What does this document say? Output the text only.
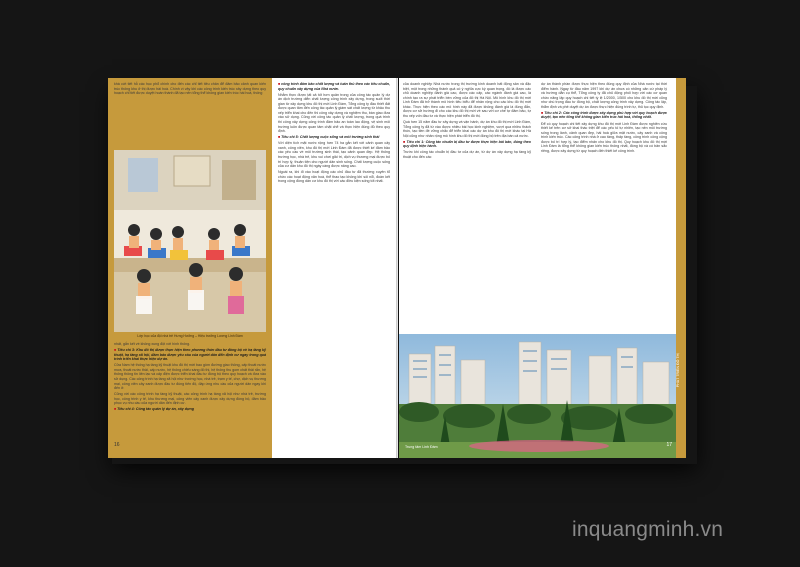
khá cứt tiết hỗ các hục phổ chính cho đến các chỉ tiết tiêu chân để đảm bảo cảnh quan kiến trúc thống khu ở thị được hài hoà. Chính vì vậy khi các công trình kiến trúc xây dựng theo quy hoạch chỉ tiết được duyệt hoàn thành đã tạo nên tổng thể không gian kiến trúc hài hoà, thống

Lớp học của đội nhà trẻ Hưng Hưởng – Hiệu trưởng Lương Linh Đàm

nhất, gắn kết về không xung đột với hình thống.

■ Tiêu chí 3: Khu đô thị được thực hiện theo phương thức đầu tư đồng bộ về hạ tầng kỹ thuật, hạ tầng xã hội, đảm bảo được yêu cầu của người dân đến định cư ngay trong quá trình triển khai thực hiện dự án.

Cửa Nam hệ thống hạ tầng kỹ thuật khu đô thị mới bao gồm đường giao thông, cấp thoát nước mưa, thoát nước thải, cấp nước, hệ thống chiếu sáng đô thị, hệ thống thu gom chất thải rắn, hệ thống thông tin liên lạc và cấp điện được triển khai đầu tư đồng bộ theo quy hoạch và đưa vào sử dụng. Các công trình hạ tầng xã hội như trường học, nhà trẻ, trạm y tế, chợ, dịch vụ thương mại, công viên cây xanh được đầu tư đúng tiến độ, đáp ứng nhu cầu của người dân ngay khi đến ở.

Cũng với các công trình hạ tầng kỹ thuật, các công trình hạ tầng xã hội như nhà trẻ, trường học, công trình y tế, khu thương mại, công viên cây xanh được xây dựng đồng bộ, đảm bảo phục vụ nhu cầu của người dân đến định cư.

■ Tiêu chí 4: Công tác quản lý dự án, xây dựng

■ công trình đảm bảo chất lượng và tuân thủ theo các tiêu chuẩn, quy chuẩn xây dựng của Nhà nước.

Nhằm thực được tất cả tốt hơn quản trong của công tác quản lý dự án dịch trường diễn chất lượng công trình xây dựng, trong suốt thời gian từ xây dựng khu đô thị mới Linh Đàm, Tổng công ty đầu thiết đất được quan tâm đến công tác quản lý giám sát chất lượng từ khâu thu xếp triển khai cho đến thi công xây dựng và nghiệm thu, bàn giao đưa vào sử dụng. Cũng với công tác quản lý chất lượng, trong quá trình thi công xây dựng công trình đảm bảo an toàn lao động, vệ sinh môi trường luôn được quan tâm chặt chẽ và thực hiện đúng đủ theo quy định.

■ Tiêu chí 5: Chất lượng cuộc sống và môi trường sinh thái

Với diện tích mặt nước rộng hơn 74 ha gắn kết với cảnh quan cây xanh, công viên, khu đô thị mới Linh Đàm đã được thiết kế đảm bảo các yêu cầu về môi trường sinh thái, tạo cảnh quan đẹp. Hệ thống trường học, nhà trẻ, khu vui chơi giải trí, dịch vụ thương mại được bố trí hợp lý, thuận tiện cho người dân sinh sống. Chất lượng cuộc sống của cư dân khu đô thị ngày càng được nâng cao.

Ngoài ra, khi đi vào hoạt động các chủ đầu tư đã thường xuyên tổ chức các hoạt động văn hoá, thể thao tạo không khí sôi nổi, đoàn kết trong cộng đồng dân cư khu đô thị với các điều kiện sống tốt nhất.

16

của doanh nghiệp Nhà nước trong thị trường kinh doanh bất động sản và đặc biệt, một trong những thành quả có ý nghĩa cực kỳ quan trọng, đó là được các chủ doanh nghiệp đánh giá cao, được các cấp, các ngành đánh giá cao, là chính tạo ra sự phát triển bền vững của đô thị Hà Nội. Mô hình khu đô thị mới Linh Đàm đã trở thành mô hình tiêu biểu để nhân rộng cho các khu đô thị mới khác. Thực hiện theo các mô hình này đã được không đánh giá là đúng đắn, được cơ sở hướng đi cho các khu đô thị mới về sau với cơ chế tự đảm bảo, tự thu xếp vốn đầu tư và thực hiện phát triển đô thị.

Quá hơn 15 năm đầu tư xây dựng và vận hành, dự án khu đô thị mới Linh Đàm, Tổng công ty đã từ vào được nhiều bài học kinh nghiệm, vượt qua nhiều thách thức, tạo tiền đề vững chắc để triển khai các dự án khu đô thị mới khác tại Hà Nội cũng như nhân rộng mô hình khu đô thị mới đồng bộ trên địa bàn cả nước.

■ Tiêu chí 1: Công tác chuẩn bị đầu tư được thực hiện bài bản, đúng theo quy định hiện hành.

Trước khi công tác chuẩn bị đầu tư của dự án, từ dự án xây dựng hạ tầng kỹ thuật cho đến các

dự án thành phần được thực hiện theo đúng quy định của Nhà nước tại thời điểm hành. Ngay từ đầu năm 1997 khi dự án chưa có những căn cứ pháp lý và hướng dẫn cụ thể, Tổng công ty đã chủ động phối hợp với các cơ quan chức năng lập quy hoạch chi tiết tỷ lệ 1/2000, 1/500 cho khu đô thị mới cũng như chú trọng đầu tư đồng bộ, chất lượng công trình xây dựng. Công tác lập, thẩm định và phê duyệt dự án được thực hiện đúng trình tự, thủ tục quy định.

■ Tiêu chí 2: Các công trình được xây dựng phù hợp với quy hoạch được duyệt, tạo nên tổng thể không gian kiến trúc hài hoà, thống nhất.

Để có quy hoạch chi tiết xây dựng khu đô thị mới Linh Đàm được nghiên cứu thiết kế trên cơ sở khai thác triệt để các yếu tố tự nhiên, tạo nên môi trường sống trong lành, cảnh quan đẹp, hài hoà giữa mặt nước, cây xanh và công trình kiến trúc. Các công trình nhà ở cao tầng, thấp tầng, công trình công cộng được bố trí hợp lý, tạo điểm nhấn cho khu đô thị. Quy hoạch khu đô thị mới Linh Đàm là tổng thể không gian kiến trúc thống nhất, đồng bộ và có bản sắc riêng, được xây dựng từ quy hoạch đến thiết kế công trình.

Trung tâm Linh Đàm
PHÁT TRIỂN ĐÔ THỊ
17
inquangminh.vn
